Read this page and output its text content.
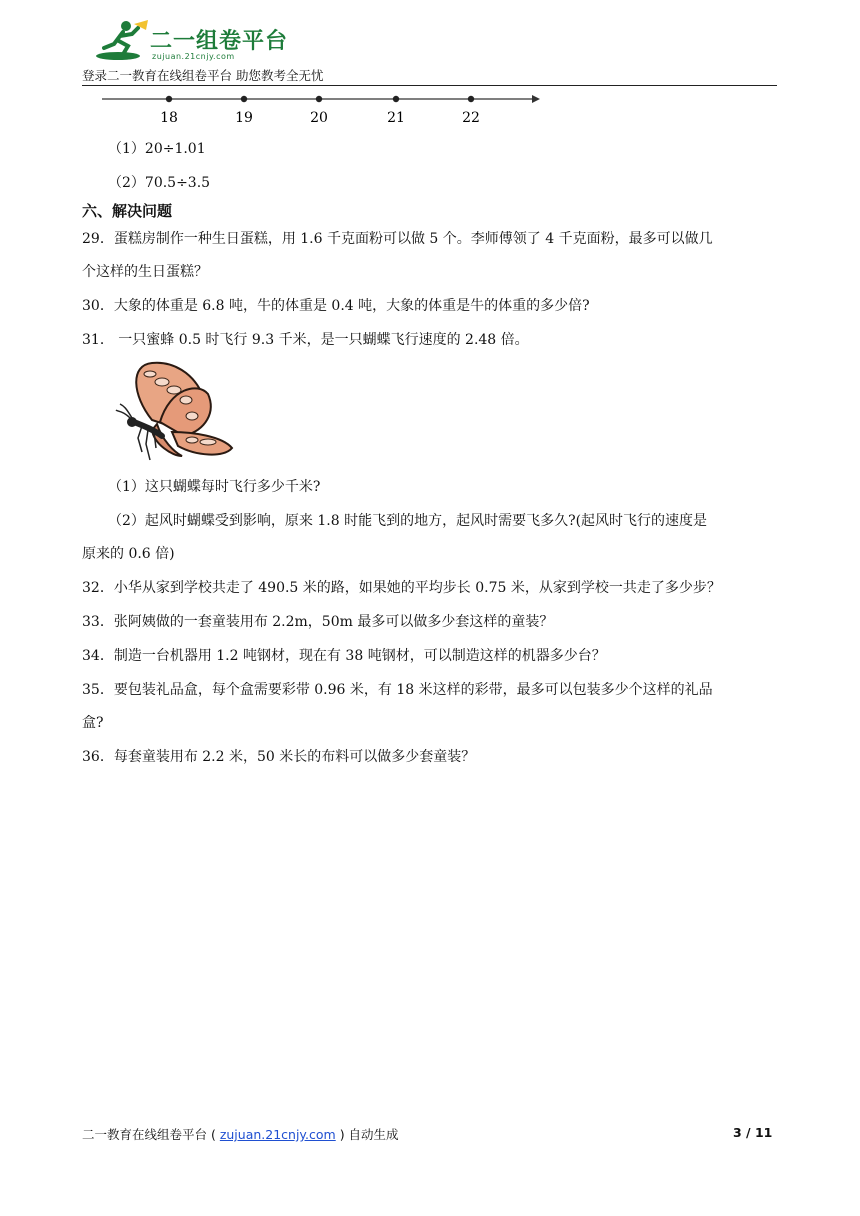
二一组卷平台
zujuan.21cnjy.com
登录二一教育在线组卷平台 助您教考全无忧
18	19	20	21	22
（1）20÷1.01
（2）70.5÷3.5
六、解决问题
29．蛋糕房制作一种生日蛋糕，用 1.6 千克面粉可以做 5 个。李师傅领了 4 千克面粉，最多可以做几
个这样的生日蛋糕？
30．大象的体重是 6.8 吨，牛的体重是 0.4 吨，大象的体重是牛的体重的多少倍?
31． 一只蜜蜂 0.5 时飞行 9.3 千米，是一只蝴蝶飞行速度的 2.48 倍。
（1）这只蝴蝶每时飞行多少千米?
（2）起风时蝴蝶受到影响，原来 1.8 时能飞到的地方，起风时需要飞多久?(起风时飞行的速度是
原来的 0.6 倍)
32．小华从家到学校共走了 490.5 米的路，如果她的平均步长 0.75 米，从家到学校一共走了多少步？
33．张阿姨做的一套童装用布 2.2m，50m 最多可以做多少套这样的童装？
34．制造一台机器用 1.2 吨钢材，现在有 38 吨钢材，可以制造这样的机器多少台？
35．要包装礼品盒，每个盒需要彩带 0.96 米，有 18 米这样的彩带，最多可以包装多少个这样的礼品
盒?
36．每套童装用布 2.2 米，50 米长的布料可以做多少套童装？
二一教育在线组卷平台 ( zujuan.21cnjy.com ) 自动生成	3 / 11
